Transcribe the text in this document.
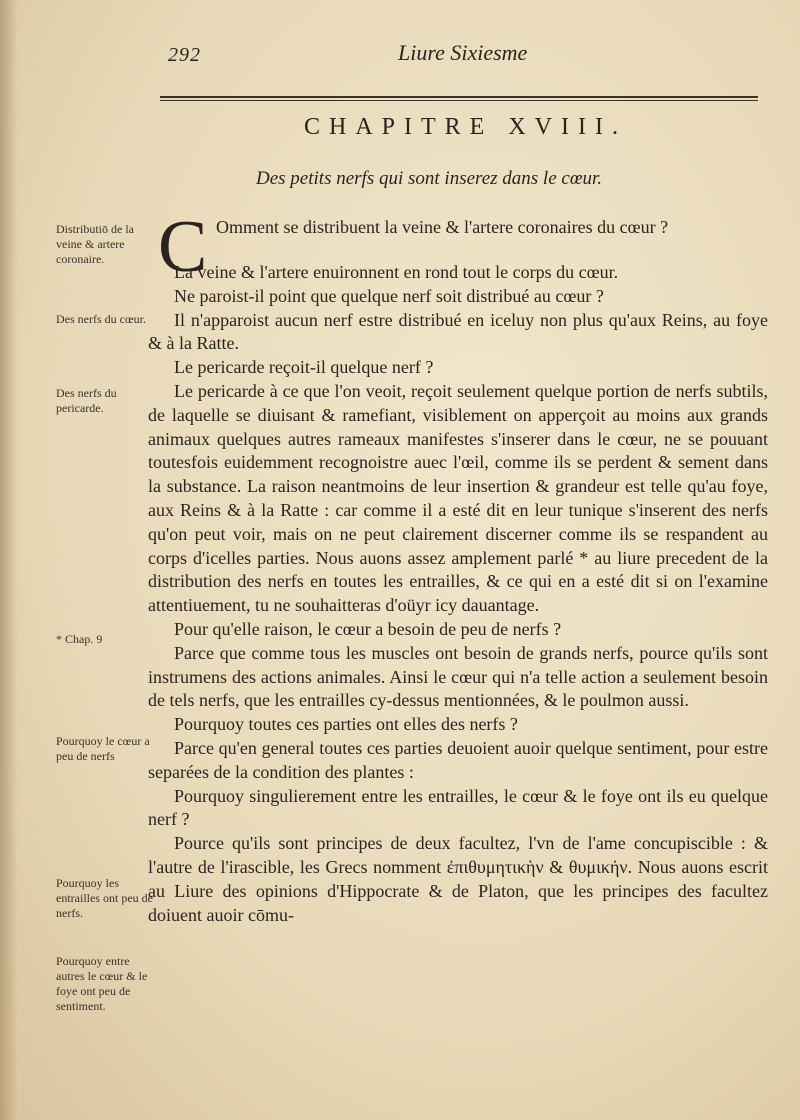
292	Liure Sixiesme
CHAPITRE XVIII.
Des petits nerfs qui sont inserez dans le cœur.
Distributiō de la veine & artere coronaire.
Des nerfs du cœur.
Des nerfs du pericarde.
* Chap. 9
Pourquoy le cœur a peu de nerfs
Pourquoy les entrailles ont peu de nerfs.
Pourquoy entre autres le cœur & le foye ont peu de sentiment.
C Omment se distribuent la veine & l'artere coronaires du cœur ?

La veine & l'artere enuironnent en rond tout le corps du cœur.

Ne paroist-il point que quelque nerf soit distribué au cœur ?

Il n'apparoist aucun nerf estre distribué en iceluy non plus qu'aux Reins, au foye & à la Ratte.

Le pericarde reçoit-il quelque nerf ?

Le pericarde à ce que l'on veoit, reçoit seulement quelque portion de nerfs subtils, de laquelle se diuisant & ramefiant, visiblement on apperçoit au moins aux grands animaux quelques autres rameaux manifestes s'inserer dans le cœur, ne se pouuant toutesfois euidemment recognoistre auec l'œil, comme ils se perdent & sement dans la substance. La raison neantmoins de leur insertion & grandeur est telle qu'au foye, aux Reins & à la Ratte : car comme il a esté dit en leur tunique s'inserent des nerfs qu'on peut voir, mais on ne peut clairement discerner comme ils se respandent au corps d'icelles parties. Nous auons assez amplement parlé * au liure precedent de la distribution des nerfs en toutes les entrailles, & ce qui en a esté dit si on l'examine attentiuement, tu ne souhaitteras d'oüyr icy dauantage.

Pour qu'elle raison, le cœur a besoin de peu de nerfs ?

Parce que comme tous les muscles ont besoin de grands nerfs, pource qu'ils sont instrumens des actions animales. Ainsi le cœur qui n'a telle action a seulement besoin de tels nerfs, que les entrailles cy-dessus mentionnées, & le poulmon aussi.

Pourquoy toutes ces parties ont elles des nerfs ?

Parce qu'en general toutes ces parties deuoient auoir quelque sentiment, pour estre separées de la condition des plantes :

Pourquoy singulierement entre les entrailles, le cœur & le foye ont ils eu quelque nerf ?

Pource qu'ils sont principes de deux facultez, l'vn de l'ame concupiscible : & l'autre de l'irascible, les Grecs nomment ἐπιθυμητικὴν & θυμικήν. Nous auons escrit au Liure des opinions d'Hippocrate & de Platon, que les principes des facultez doiuent auoir cōmu-
